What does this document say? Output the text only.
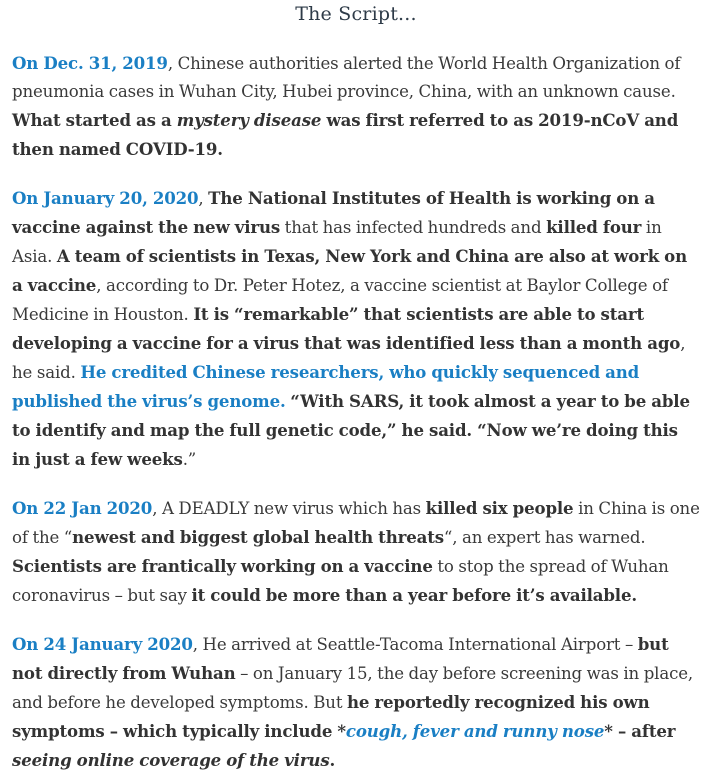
The Script...

On Dec. 31, 2019, Chinese authorities alerted the World Health Organization of pneumonia cases in Wuhan City, Hubei province, China, with an unknown cause. What started as a mystery disease was first referred to as 2019-nCoV and then named COVID-19.

On January 20, 2020, The National Institutes of Health is working on a vaccine against the new virus that has infected hundreds and killed four in Asia. A team of scientists in Texas, New York and China are also at work on a vaccine, according to Dr. Peter Hotez, a vaccine scientist at Baylor College of Medicine in Houston. It is “remarkable” that scientists are able to start developing a vaccine for a virus that was identified less than a month ago, he said. He credited Chinese researchers, who quickly sequenced and published the virus’s genome. “With SARS, it took almost a year to be able to identify and map the full genetic code,” he said. “Now we’re doing this in just a few weeks.”

On 22 Jan 2020, A DEADLY new virus which has killed six people in China is one of the “newest and biggest global health threats“, an expert has warned. Scientists are frantically working on a vaccine to stop the spread of Wuhan coronavirus – but say it could be more than a year before it’s available.

On 24 January 2020, He arrived at Seattle-Tacoma International Airport – but not directly from Wuhan – on January 15, the day before screening was in place, and before he developed symptoms. But he reportedly recognized his own symptoms – which typically include *cough, fever and runny nose* – after seeing online coverage of the virus.
